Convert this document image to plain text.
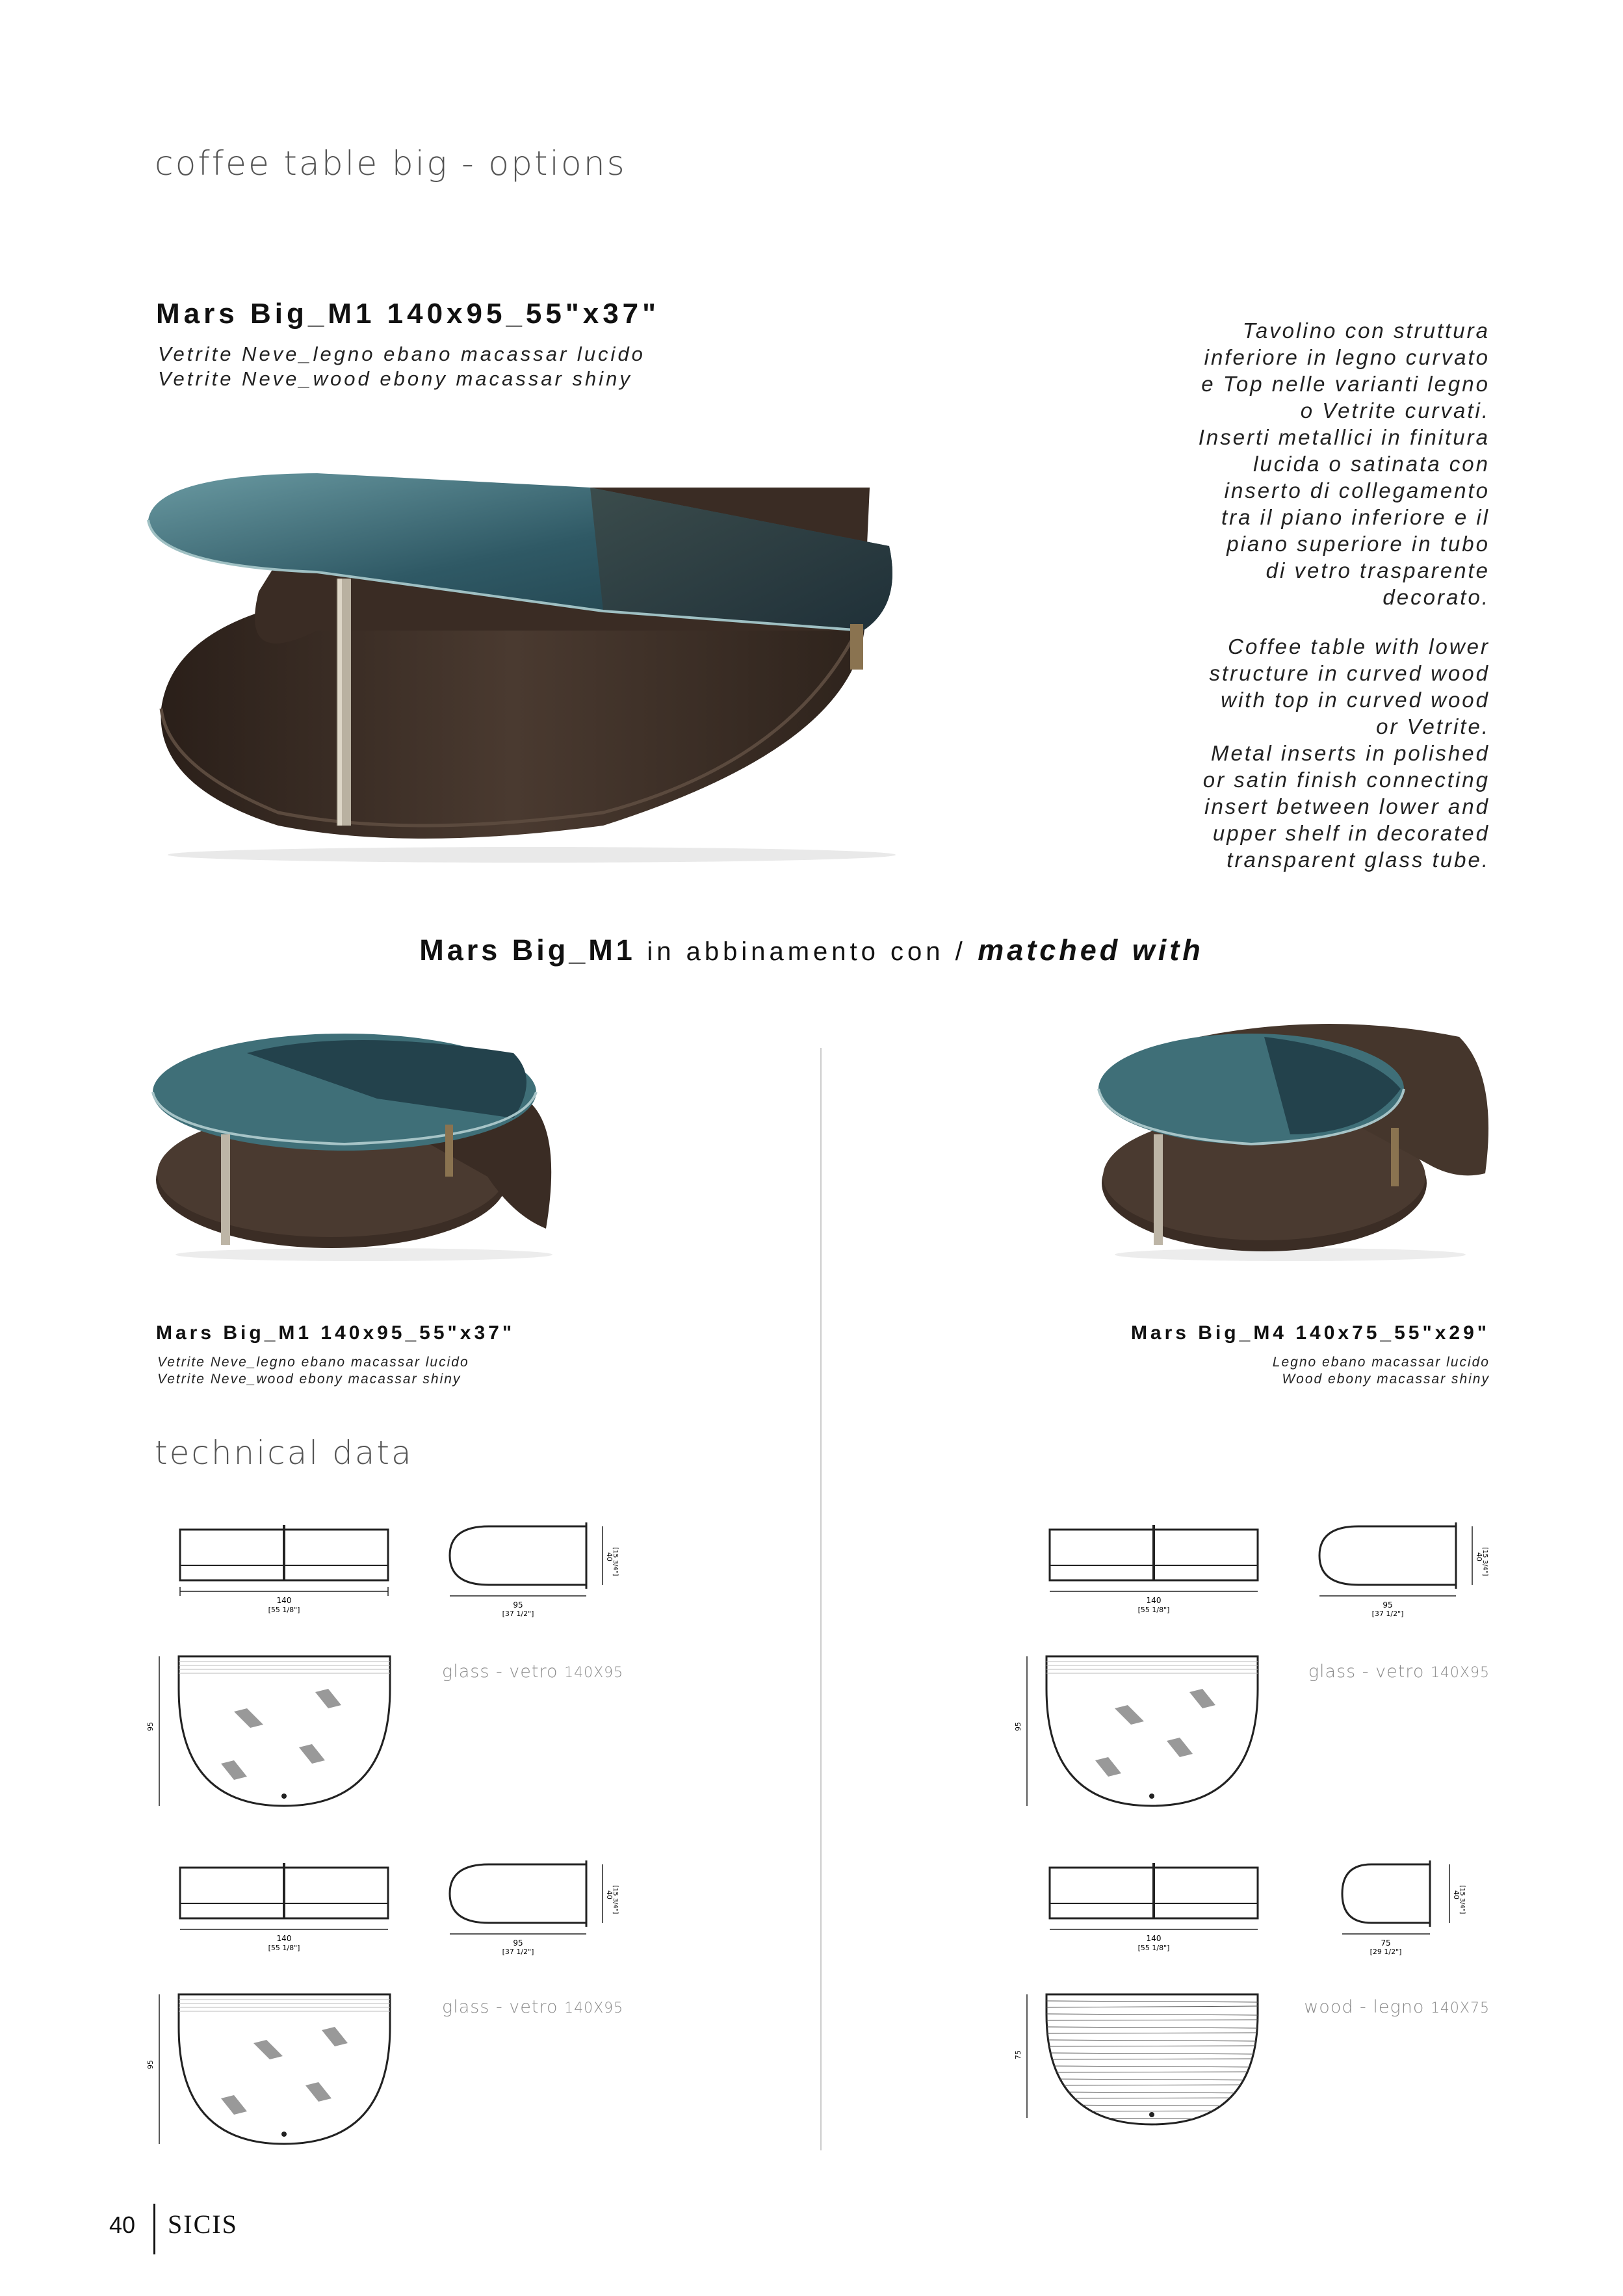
coffee table big - options
Mars Big_M1 140x95_55"x37"
Vetrite Neve_legno ebano macassar lucido
Vetrite Neve_wood ebony macassar shiny
Tavolino con struttura
inferiore in legno curvato
e Top nelle varianti legno
o Vetrite curvati.
Inserti metallici in finitura
lucida o satinata con
inserto di collegamento
tra il piano inferiore e il
piano superiore in tubo
di vetro trasparente
decorato.
Coffee table with lower
structure in curved wood
with top in curved wood
or Vetrite.
Metal inserts in polished
or satin finish connecting
insert between lower and
upper shelf in decorated
transparent glass tube.
Mars Big_M1 in abbinamento con / matched with
Mars Big_M1 140x95_55"x37"
Vetrite Neve_legno ebano macassar lucido
Vetrite Neve_wood ebony macassar shiny
Mars Big_M4 140x75_55"x29"
Legno ebano macassar lucido
Wood ebony macassar shiny
technical data
140
[55 1/8"]
40
[15 3/4"]
95
[37 1/2"]
95
glass - vetro 140X95
140
[55 1/8"]
40
[15 3/4"]
95
[37 1/2"]
95
glass - vetro 140X95
140
[55 1/8"]
40
[15 3/4"]
95
[37 1/2"]
95
glass - vetro 140X95
140
[55 1/8"]
40
[15 3/4"]
75
[29 1/2"]
75
wood - legno 140X75
40 SICIS
